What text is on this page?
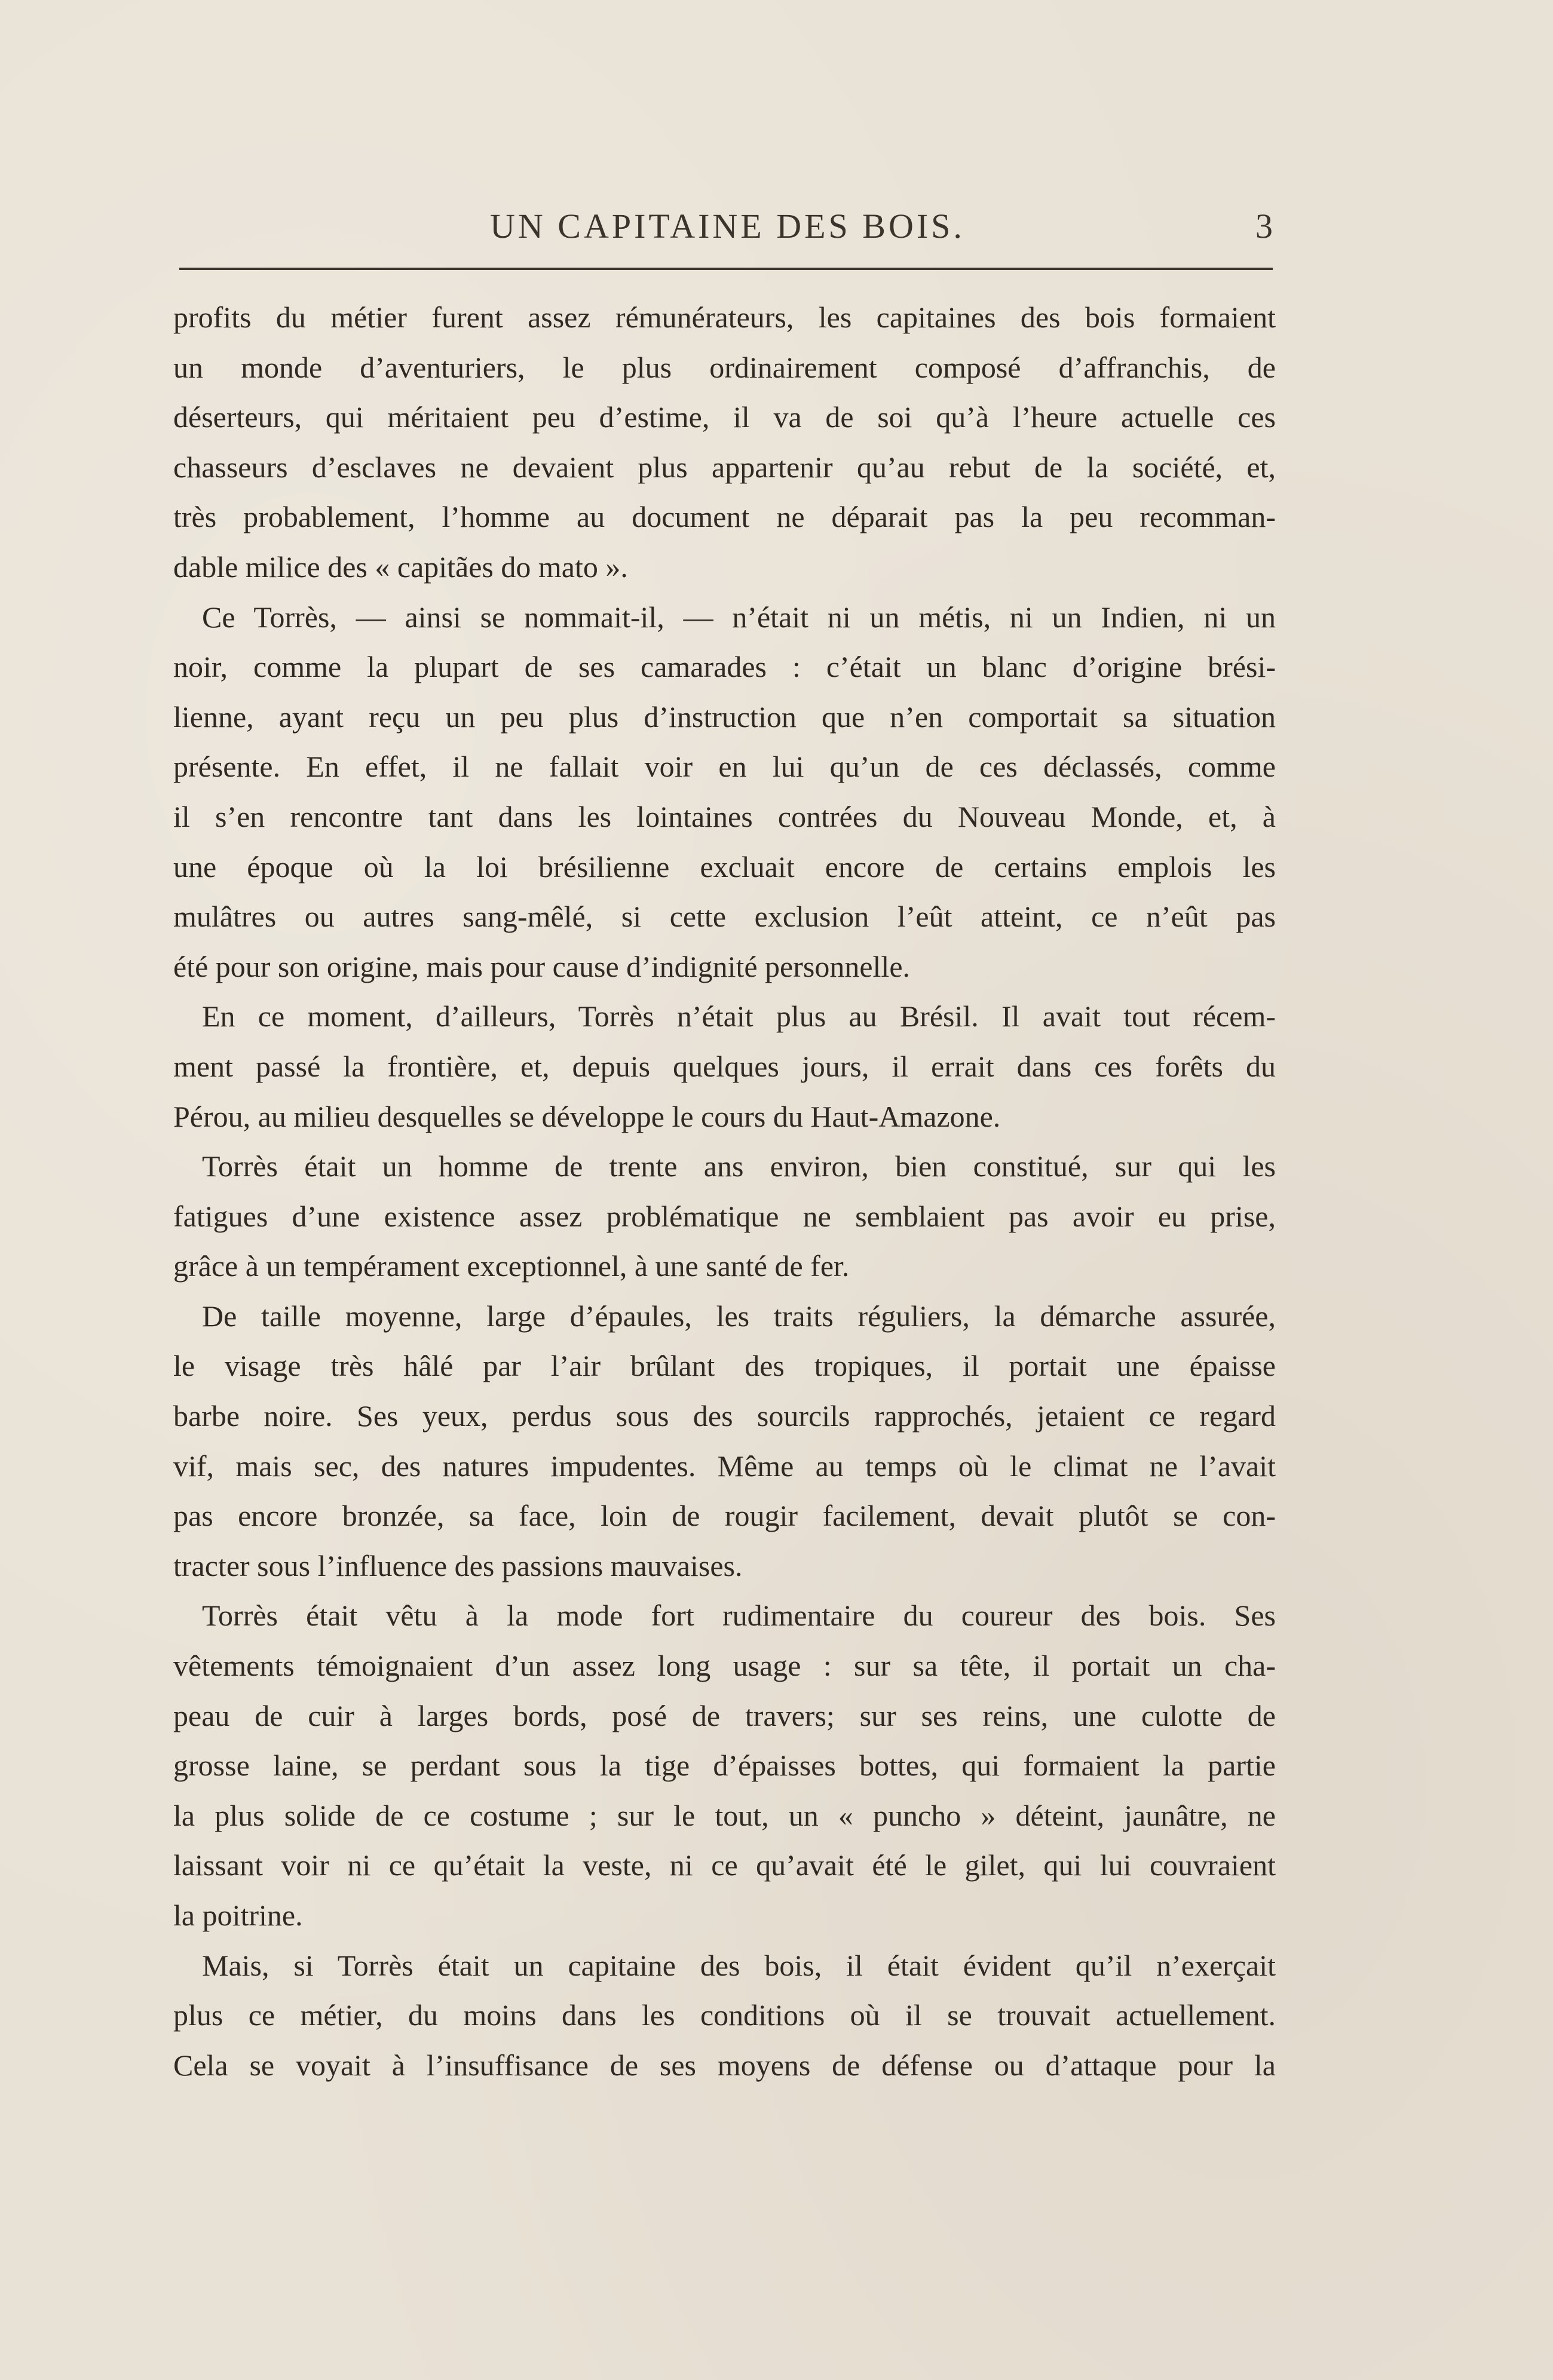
UN CAPITAINE DES BOIS.	3
profits du métier furent assez rémunérateurs, les capitaines des bois formaient
un monde d’aventuriers, le plus ordinairement composé d’affranchis, de
déserteurs, qui méritaient peu d’estime, il va de soi qu’à l’heure actuelle ces
chasseurs d’esclaves ne devaient plus appartenir qu’au rebut de la société, et,
très probablement, l’homme au document ne déparait pas la peu recomman-
dable milice des « capitães do mato ».
Ce Torrès, — ainsi se nommait-il, — n’était ni un métis, ni un Indien, ni un
noir, comme la plupart de ses camarades : c’était un blanc d’origine brési-
lienne, ayant reçu un peu plus d’instruction que n’en comportait sa situation
présente. En effet, il ne fallait voir en lui qu’un de ces déclassés, comme
il s’en rencontre tant dans les lointaines contrées du Nouveau Monde, et, à
une époque où la loi brésilienne excluait encore de certains emplois les
mulâtres ou autres sang-mêlé, si cette exclusion l’eût atteint, ce n’eût pas
été pour son origine, mais pour cause d’indignité personnelle.
En ce moment, d’ailleurs, Torrès n’était plus au Brésil. Il avait tout récem-
ment passé la frontière, et, depuis quelques jours, il errait dans ces forêts du
Pérou, au milieu desquelles se développe le cours du Haut-Amazone.
Torrès était un homme de trente ans environ, bien constitué, sur qui les
fatigues d’une existence assez problématique ne semblaient pas avoir eu prise,
grâce à un tempérament exceptionnel, à une santé de fer.
De taille moyenne, large d’épaules, les traits réguliers, la démarche assurée,
le visage très hâlé par l’air brûlant des tropiques, il portait une épaisse
barbe noire. Ses yeux, perdus sous des sourcils rapprochés, jetaient ce regard
vif, mais sec, des natures impudentes. Même au temps où le climat ne l’avait
pas encore bronzée, sa face, loin de rougir facilement, devait plutôt se con-
tracter sous l’influence des passions mauvaises.
Torrès était vêtu à la mode fort rudimentaire du coureur des bois. Ses
vêtements témoignaient d’un assez long usage : sur sa tête, il portait un cha-
peau de cuir à larges bords, posé de travers; sur ses reins, une culotte de
grosse laine, se perdant sous la tige d’épaisses bottes, qui formaient la partie
la plus solide de ce costume ; sur le tout, un « puncho » déteint, jaunâtre, ne
laissant voir ni ce qu’était la veste, ni ce qu’avait été le gilet, qui lui couvraient
la poitrine.
Mais, si Torrès était un capitaine des bois, il était évident qu’il n’exerçait
plus ce métier, du moins dans les conditions où il se trouvait actuellement.
Cela se voyait à l’insuffisance de ses moyens de défense ou d’attaque pour la
